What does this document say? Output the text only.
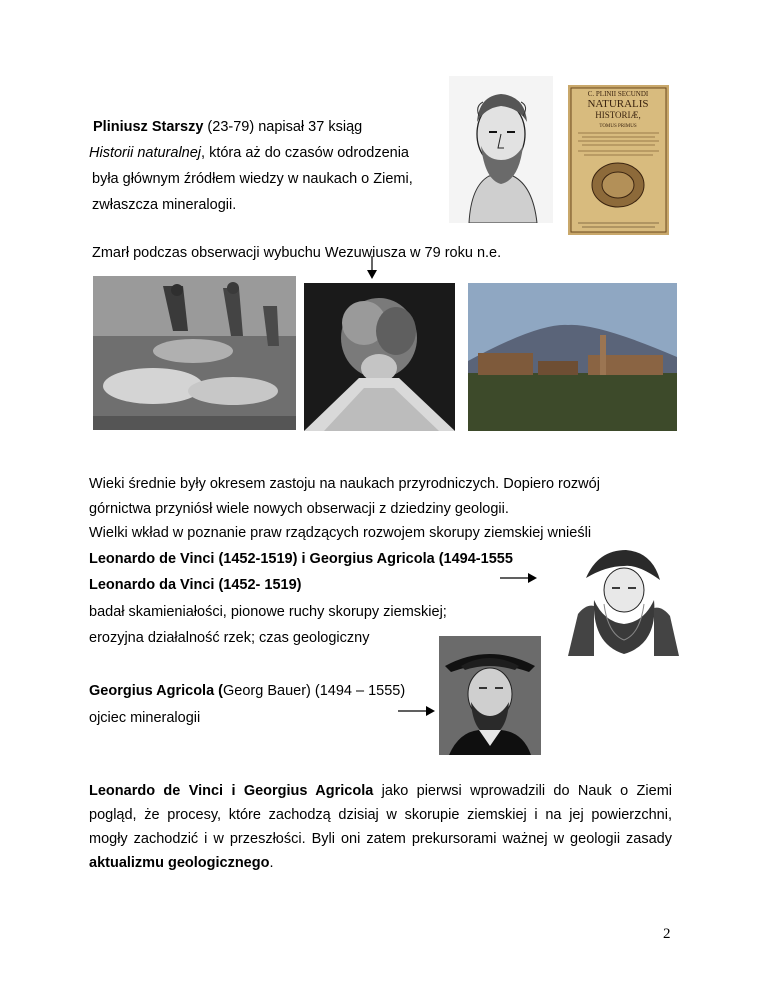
Pliniusz Starszy (23-79) napisał 37 ksiąg
Historii naturalnej, która aż do czasów odrodzenia
była głównym źródłem wiedzy w naukach o Ziemi,
zwłaszcza mineralogii.
Zmarł podczas obserwacji wybuchu Wezuwiusza w 79 roku n.e.
C. PLINII SECUNDI
NATURALIS
HISTORIÆ,
TOMUS PRIMUS
Wieki średnie były okresem zastoju na naukach przyrodniczych. Dopiero rozwój
górnictwa przyniósł wiele nowych obserwacji z dziedziny geologii.
Wielki wkład w poznanie praw rządzących rozwojem skorupy ziemskiej wnieśli
Leonardo de Vinci (1452-1519) i Georgius Agricola (1494-1555
Leonardo da Vinci (1452- 1519)
badał skamieniałości, pionowe ruchy skorupy ziemskiej;
erozyjna działalność rzek; czas geologiczny
Georgius Agricola (Georg Bauer) (1494 – 1555)
ojciec mineralogii
Leonardo de Vinci i Georgius Agricola jako pierwsi wprowadzili do Nauk o Ziemi
pogląd, że procesy, które zachodzą dzisiaj w skorupie ziemskiej i na jej powierzchni,
mogły zachodzić i w przeszłości. Byli oni zatem prekursorami ważnej w geologii zasady
aktualizmu geologicznego.
2
